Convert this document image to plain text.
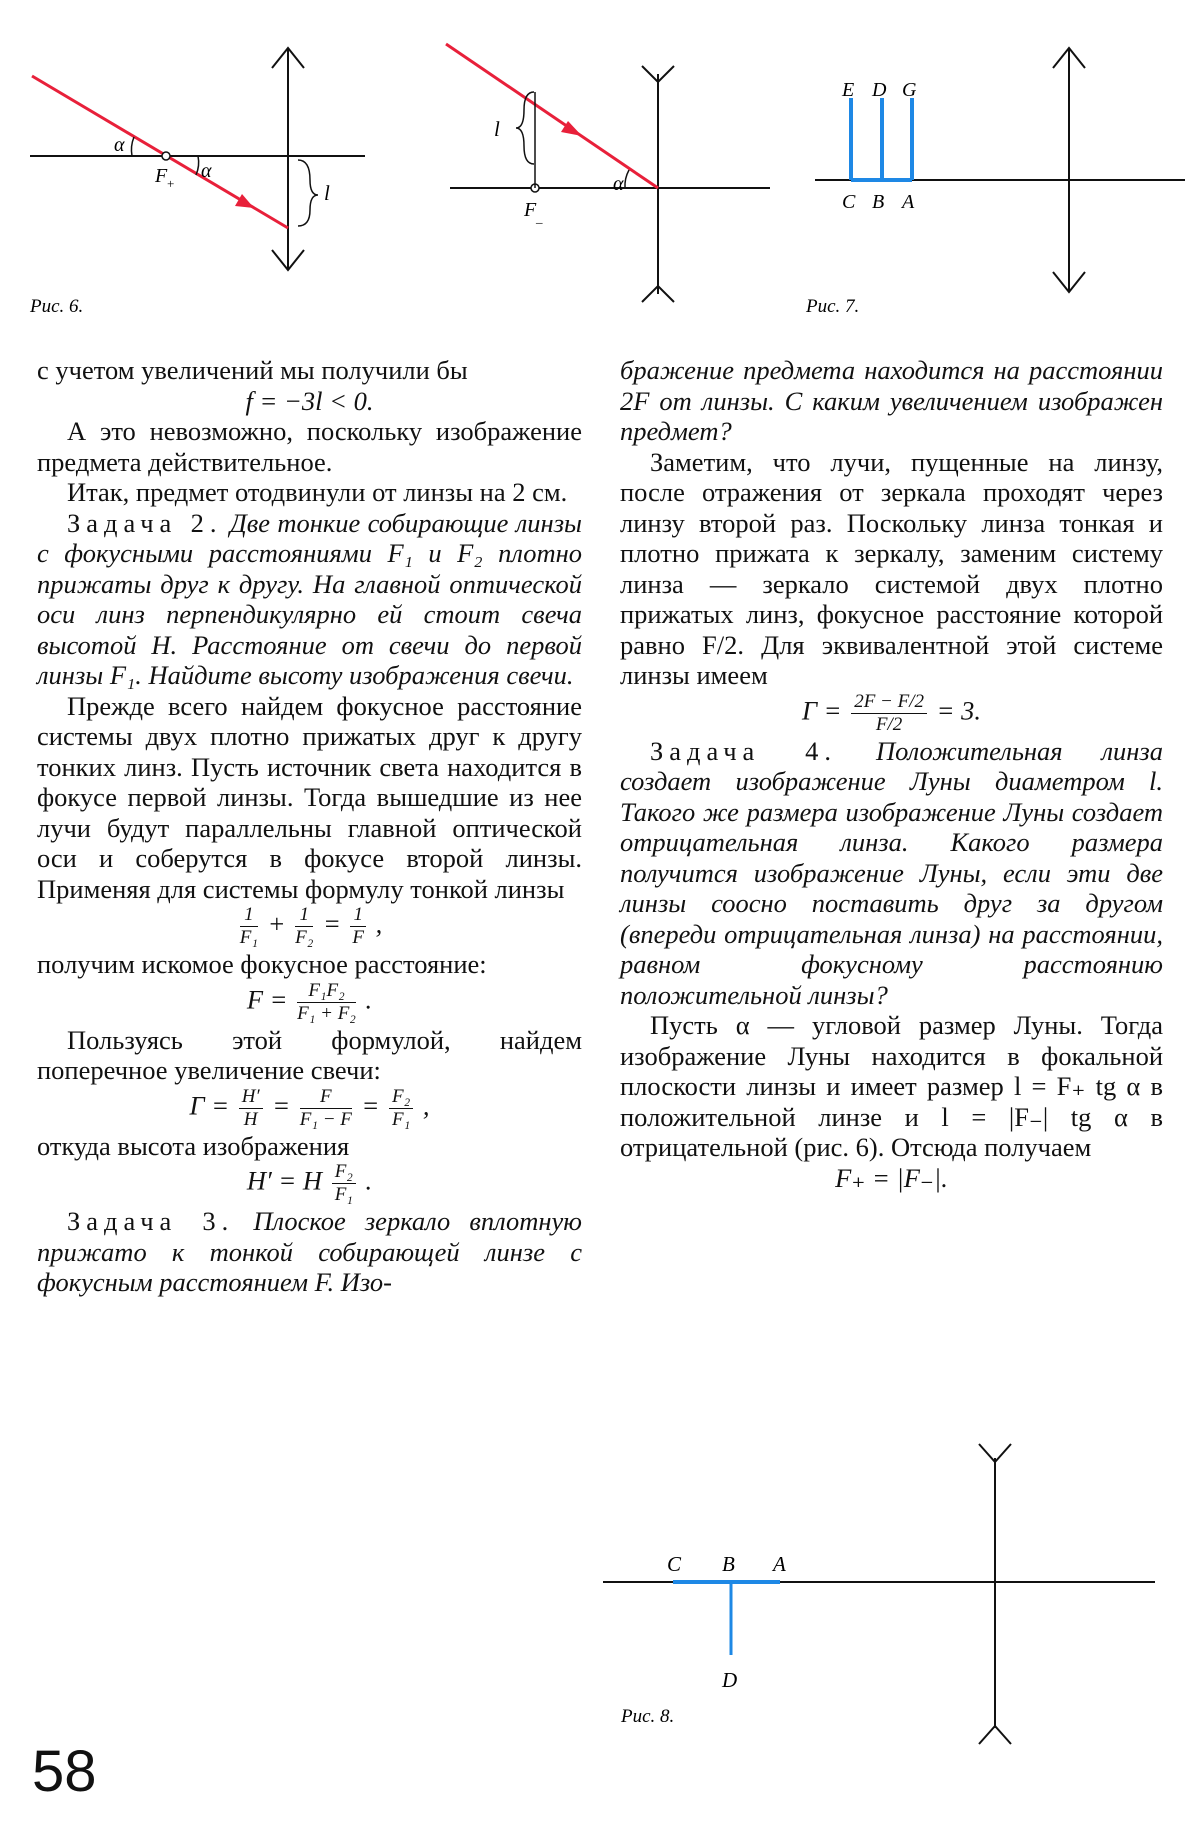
α
α
F +	l
Рис. 6.
α
l
F _
E D G
C B A
Рис. 7.
C B A
D
Рис. 8.

с учетом увеличений мы получили бы

f = −3l < 0.

А это невозможно, поскольку изображение предмета действительное.

Итак, предмет отодвинули от линзы на 2 см.

Задача 2. Две тонкие собирающие линзы с фокусными расстояниями F₁ и F₂ плотно прижаты друг к другу. На главной оптической оси линз перпендикулярно ей стоит свеча высотой H. Расстояние от свечи до первой линзы F₁. Найдите высоту изображения свечи.

Прежде всего найдем фокусное расстояние системы двух плотно прижатых друг к другу тонких линз. Пусть источник света находится в фокусе первой линзы. Тогда вышедшие из нее лучи будут параллельны главной оптической оси и соберутся в фокусе второй линзы. Применяя для системы формулу тонкой линзы

$\frac{1}{\text{F₁}} + \frac{1}{\text{F₂}} = \frac{1}{F}$ ,

получим искомое фокусное расстояние:

$F = \frac{\text{F₁F₂}}{\text{F₁ + F₂}}$ .

Пользуясь этой формулой, найдем поперечное увеличение свечи:

$\Gamma = \frac{H'}{H} = \frac{F}{\text{F₁ − F}} = \frac{\text{F₂}}{\text{F₁}}$ ,

откуда высота изображения

H′ = H $\frac{\text{F₂}}{\text{F₁}}$ .

Задача 3. Плоское зеркало вплотную прижато к тонкой собирающей линзе с фокусным расстоянием F. Изо-

бражение предмета находится на расстоянии 2F от линзы. С каким увеличением изображен предмет?

Заметим, что лучи, пущенные на линзу, после отражения от зеркала проходят через линзу второй раз. Поскольку линза тонкая и плотно прижата к зеркалу, заменим систему линза — зеркало системой двух плотно прижатых линз, фокусное расстояние которой равно F/2. Для эквивалентной этой системе линзы имеем

$\Gamma = \frac{2F - F/2}{F/2} = 3$.

Задача 4. Положительная линза создает изображение Луны диаметром l. Такого же размера изображение Луны создает отрицательная линза. Какого размера получится изображение Луны, если эти две линзы соосно поставить друг за другом (впереди отрицательная линза) на расстоянии, равном фокусному расстоянию положительной линзы?

Пусть α — угловой размер Луны. Тогда изображение Луны находится в фокальной плоскости линзы и имеет размер l = F₊ tg α в положительной линзе и l = |F₋| tg α в отрицательной (рис. 6). Отсюда получаем

F₊ = |F₋|.

58
